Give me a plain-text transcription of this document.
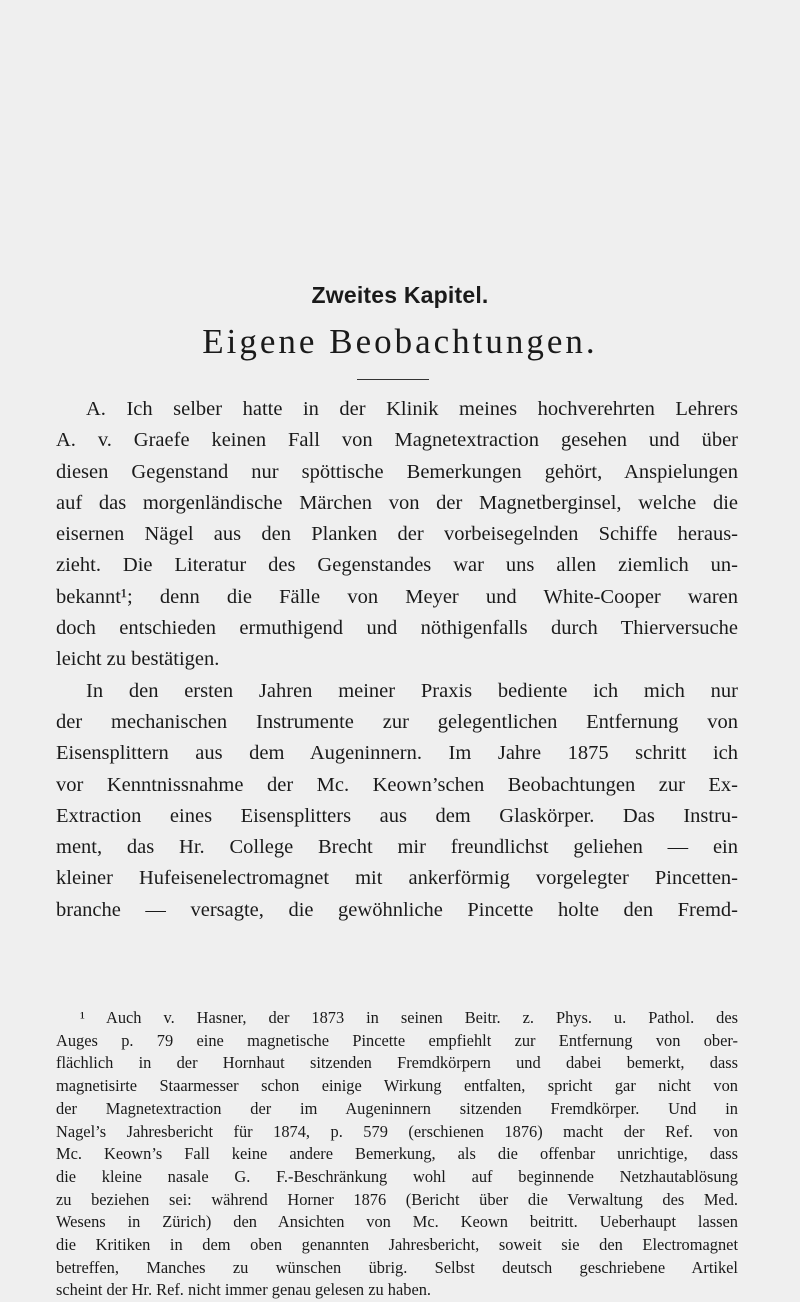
Zweites Kapitel.
Eigene Beobachtungen.
A. Ich selber hatte in der Klinik meines hochverehrten Lehrers
A. v. Graefe keinen Fall von Magnetextraction gesehen und über
diesen Gegenstand nur spöttische Bemerkungen gehört, Anspielungen
auf das morgenländische Märchen von der Magnetberginsel, welche die
eisernen Nägel aus den Planken der vorbeisegelnden Schiffe heraus-
zieht. Die Literatur des Gegenstandes war uns allen ziemlich un-
bekannt¹; denn die Fälle von Meyer und White-Cooper waren
doch entschieden ermuthigend und nöthigenfalls durch Thierversuche
leicht zu bestätigen.
In den ersten Jahren meiner Praxis bediente ich mich nur
der mechanischen Instrumente zur gelegentlichen Entfernung von
Eisensplittern aus dem Augeninnern. Im Jahre 1875 schritt ich
vor Kenntnissnahme der Mc. Keown’schen Beobachtungen zur Ex-
Extraction eines Eisensplitters aus dem Glaskörper. Das Instru-
ment, das Hr. College Brecht mir freundlichst geliehen — ein
kleiner Hufeisenelectromagnet mit ankerförmig vorgelegter Pincetten-
branche — versagte, die gewöhnliche Pincette holte den Fremd-
¹ Auch v. Hasner, der 1873 in seinen Beitr. z. Phys. u. Pathol. des
Auges p. 79 eine magnetische Pincette empfiehlt zur Entfernung von ober-
flächlich in der Hornhaut sitzenden Fremdkörpern und dabei bemerkt, dass
magnetisirte Staarmesser schon einige Wirkung entfalten, spricht gar nicht von
der Magnetextraction der im Augeninnern sitzenden Fremdkörper. Und in
Nagel’s Jahresbericht für 1874, p. 579 (erschienen 1876) macht der Ref. von
Mc. Keown’s Fall keine andere Bemerkung, als die offenbar unrichtige, dass
die kleine nasale G. F.-Beschränkung wohl auf beginnende Netzhautablösung
zu beziehen sei: während Horner 1876 (Bericht über die Verwaltung des Med.
Wesens in Zürich) den Ansichten von Mc. Keown beitritt. Ueberhaupt lassen
die Kritiken in dem oben genannten Jahresbericht, soweit sie den Electromagnet
betreffen, Manches zu wünschen übrig. Selbst deutsch geschriebene Artikel
scheint der Hr. Ref. nicht immer genau gelesen zu haben.
